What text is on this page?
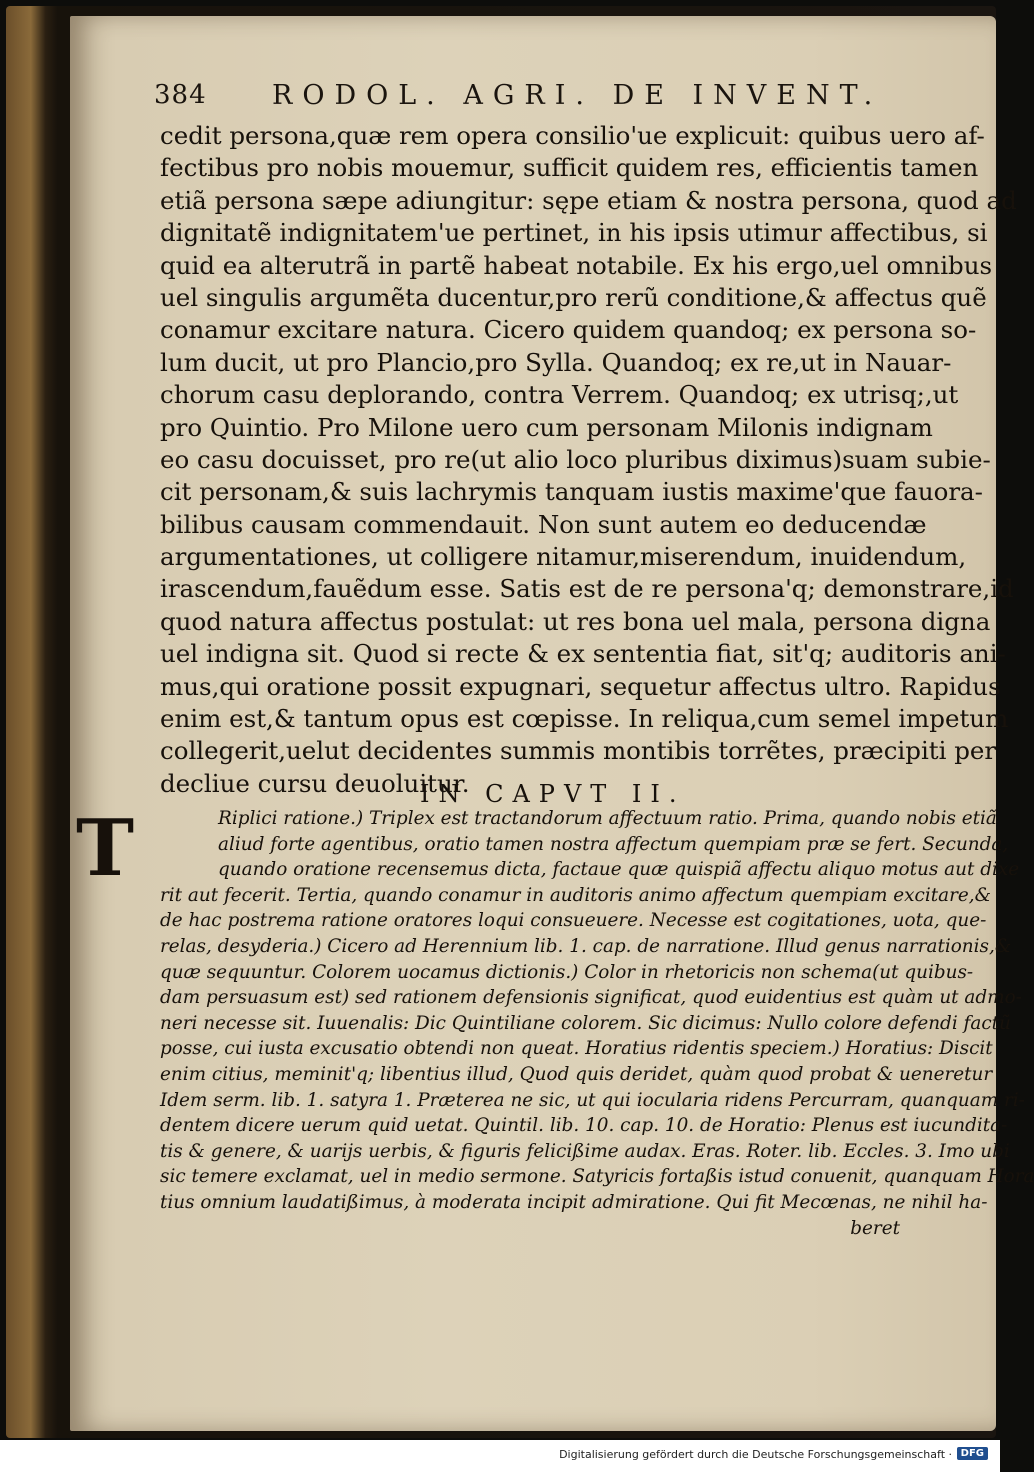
384 RODOL. AGRI. DE INVENT.
cedit persona,quæ rem opera consilio'ue explicuit: quibus uero af-
fectibus pro nobis mouemur, sufficit quidem res, efficientis tamen
etiã persona sæpe adiungitur: sępe etiam & nostra persona, quod ad
dignitatẽ indignitatem'ue pertinet, in his ipsis utimur affectibus, si
quid ea alterutrã in partẽ habeat notabile. Ex his ergo,uel omnibus
uel singulis argumẽta ducentur,pro rerũ conditione,& affectus quẽ
conamur excitare natura. Cicero quidem quandoq; ex persona so-
lum ducit, ut pro Plancio,pro Sylla. Quandoq; ex re,ut in Nauar-
chorum casu deplorando, contra Verrem. Quandoq; ex utrisq;,ut
pro Quintio. Pro Milone uero cum personam Milonis indignam
eo casu docuisset, pro re(ut alio loco pluribus diximus)suam subie-
cit personam,& suis lachrymis tanquam iustis maxime'que fauora-
bilibus causam commendauit. Non sunt autem eo deducendæ
argumentationes, ut colligere nitamur,miserendum, inuidendum,
irascendum,fauẽdum esse. Satis est de re persona'q; demonstrare,id
quod natura affectus postulat: ut res bona uel mala, persona digna
uel indigna sit. Quod si recte & ex sententia fiat, sit'q; auditoris ani-
mus,qui oratione possit expugnari, sequetur affectus ultro. Rapidus
enim est,& tantum opus est cœpisse. In reliqua,cum semel impetum
collegerit,uelut decidentes summis montibis torrẽtes, præcipiti per
decliue cursu deuoluitur.
IN CAPVT II.
T	Riplici ratione.) Triplex est tractandorum affectuum ratio. Prima, quando nobis etiã
aliud forte agentibus, oratio tamen nostra affectum quempiam præ se fert. Secunda,
quando oratione recensemus dicta, factaue quæ quispiã affectu aliquo motus aut dixe
rit aut fecerit. Tertia, quando conamur in auditoris animo affectum quempiam excitare,&
de hac postrema ratione oratores loqui consueuere. Necesse est cogitationes, uota, que-
relas, desyderia.) Cicero ad Herennium lib. 1. cap. de narratione. Illud genus narrationis,&
quæ sequuntur. Colorem uocamus dictionis.) Color in rhetoricis non schema(ut quibus-
dam persuasum est) sed rationem defensionis significat, quod euidentius est quàm ut admo-
neri necesse sit. Iuuenalis: Dic Quintiliane colorem. Sic dicimus: Nullo colore defendi factũ
posse, cui iusta excusatio obtendi non queat. Horatius ridentis speciem.) Horatius: Discit
enim citius, meminit'q; libentius illud, Quod quis deridet, quàm quod probat & ueneretur
Idem serm. lib. 1. satyra 1. Præterea ne sic, ut qui iocularia ridens Percurram, quanquam ri-
dentem dicere uerum quid uetat. Quintil. lib. 10. cap. 10. de Horatio: Plenus est iucundita-
tis & genere, & uarijs uerbis, & figuris felicißime audax. Eras. Roter. lib. Eccles. 3. Imo ubi
sic temere exclamat, uel in medio sermone. Satyricis fortaßis istud conuenit, quanquam Hora
tius omnium laudatißimus, à moderata incipit admiratione. Qui fit Mecœnas, ne nihil ha-
beret
Digitalisierung gefördert durch die Deutsche Forschungsgemeinschaft · DFG
